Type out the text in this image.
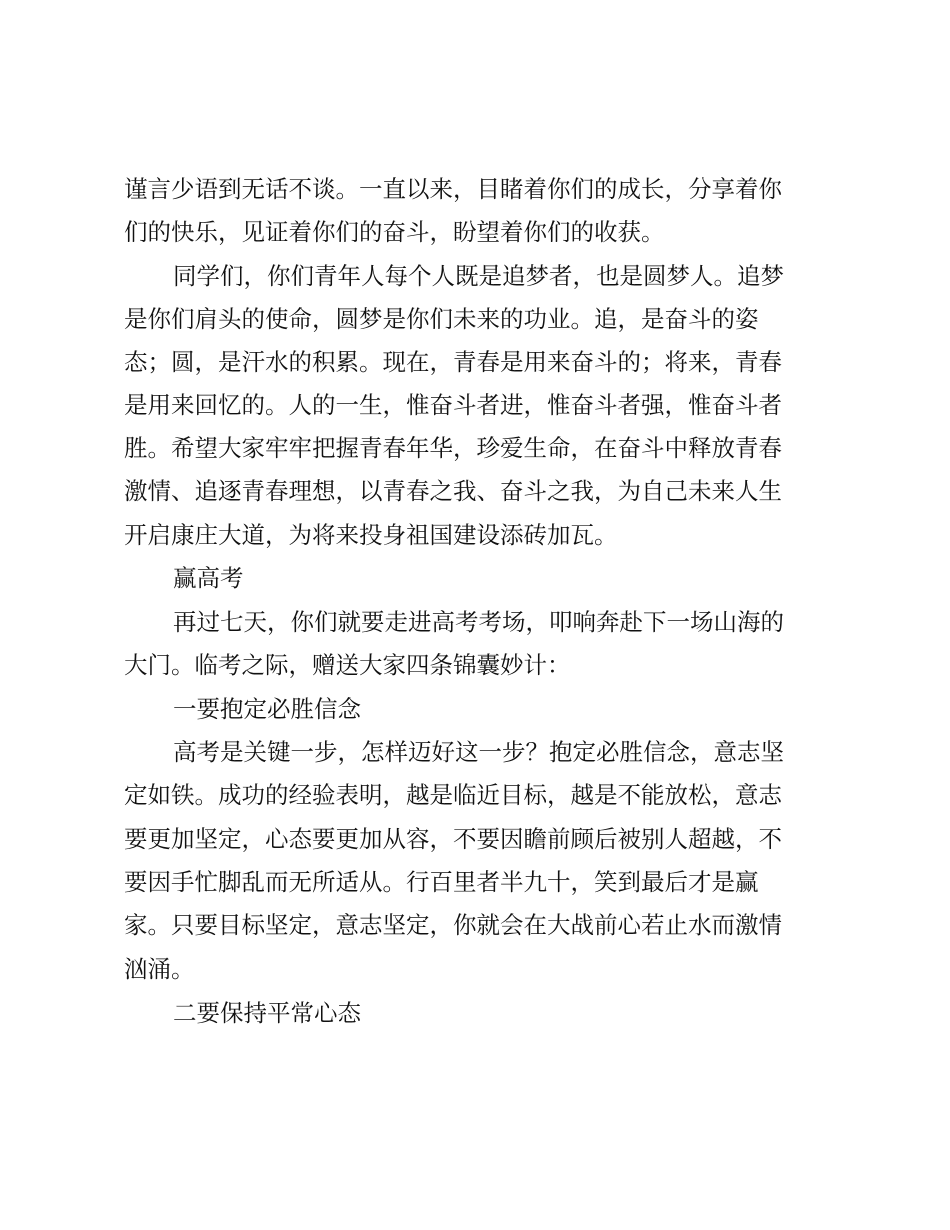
谨言少语到无话不谈。一直以来，目睹着你们的成长，分享着你
们的快乐，见证着你们的奋斗，盼望着你们的收获。
同学们，你们青年人每个人既是追梦者，也是圆梦人。追梦
是你们肩头的使命，圆梦是你们未来的功业。追，是奋斗的姿
态；圆，是汗水的积累。现在，青春是用来奋斗的；将来，青春
是用来回忆的。人的一生，惟奋斗者进，惟奋斗者强，惟奋斗者
胜。希望大家牢牢把握青春年华，珍爱生命，在奋斗中释放青春
激情、追逐青春理想，以青春之我、奋斗之我，为自己未来人生
开启康庄大道，为将来投身祖国建设添砖加瓦。
赢高考
再过七天，你们就要走进高考考场，叩响奔赴下一场山海的
大门。临考之际，赠送大家四条锦囊妙计：
一要抱定必胜信念
高考是关键一步，怎样迈好这一步？抱定必胜信念，意志坚
定如铁。成功的经验表明，越是临近目标，越是不能放松，意志
要更加坚定，心态要更加从容，不要因瞻前顾后被别人超越，不
要因手忙脚乱而无所适从。行百里者半九十，笑到最后才是赢
家。只要目标坚定，意志坚定，你就会在大战前心若止水而激情
汹涌。
二要保持平常心态
